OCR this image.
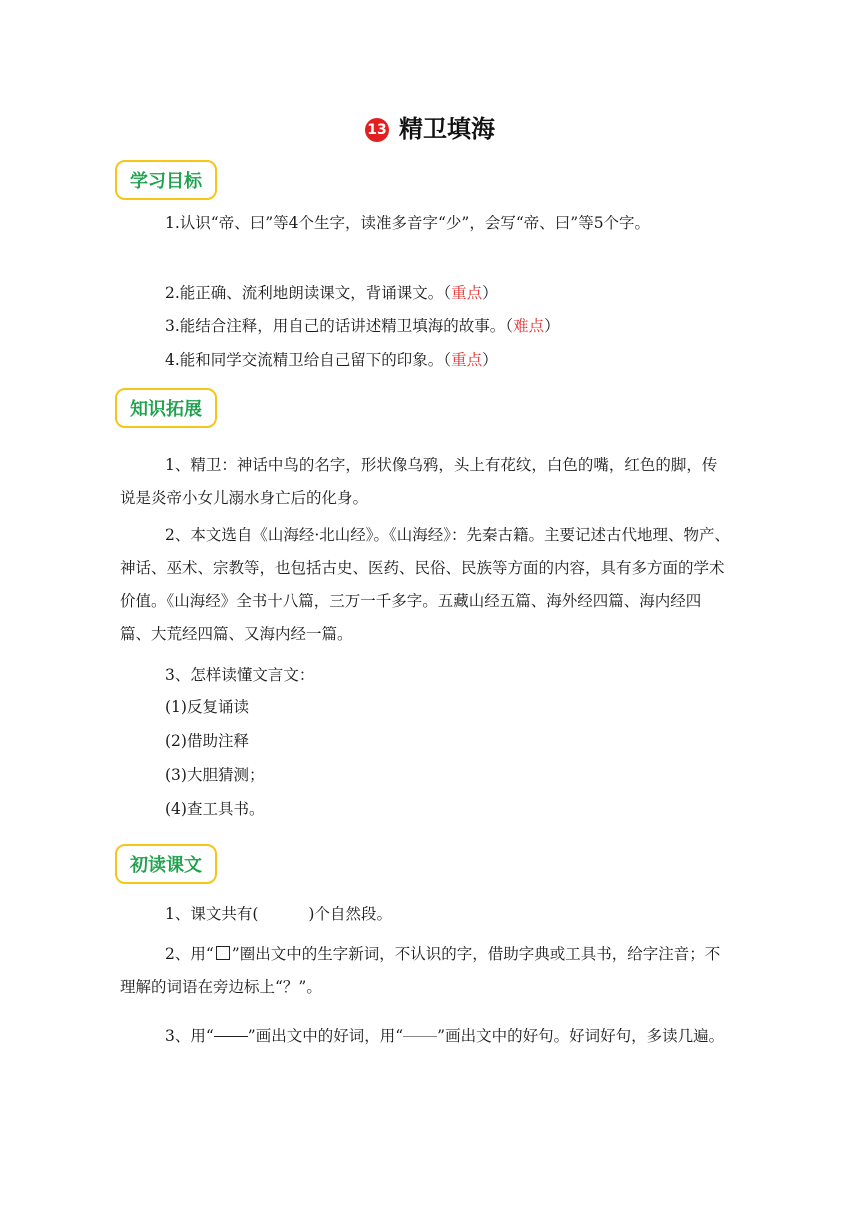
13 精卫填海
学习目标

1.认识“帝、曰”等4个生字，读准多音字“少”，会写“帝、曰”等5个字。

2.能正确、流利地朗读课文，背诵课文。（重点）

3.能结合注释，用自己的话讲述精卫填海的故事。（难点）

4.能和同学交流精卫给自己留下的印象。（重点）

知识拓展

1、精卫：神话中鸟的名字，形状像乌鸦，头上有花纹，白色的嘴，红色的脚，传说是炎帝小女儿溺水身亡后的化身。

2、本文选自《山海经·北山经》。《山海经》：先秦古籍。主要记述古代地理、物产、神话、巫术、宗教等，也包括古史、医药、民俗、民族等方面的内容，具有多方面的学术价值。《山海经》全书十八篇，三万一千多字。五藏山经五篇、海外经四篇、海内经四篇、大荒经四篇、又海内经一篇。

3、怎样读懂文言文：

(1)反复诵读

(2)借助注释

(3)大胆猜测；

(4)查工具书。

初读课文

1、课文共有(	)个自然段。

2、用“ ”圈出文中的生字新词，不认识的字，借助字典或工具书，给字注音；不理解的词语在旁边标上“？”。

3、用“ ”画出文中的好词，用“ ”画出文中的好句。好词好句，多读几遍。
